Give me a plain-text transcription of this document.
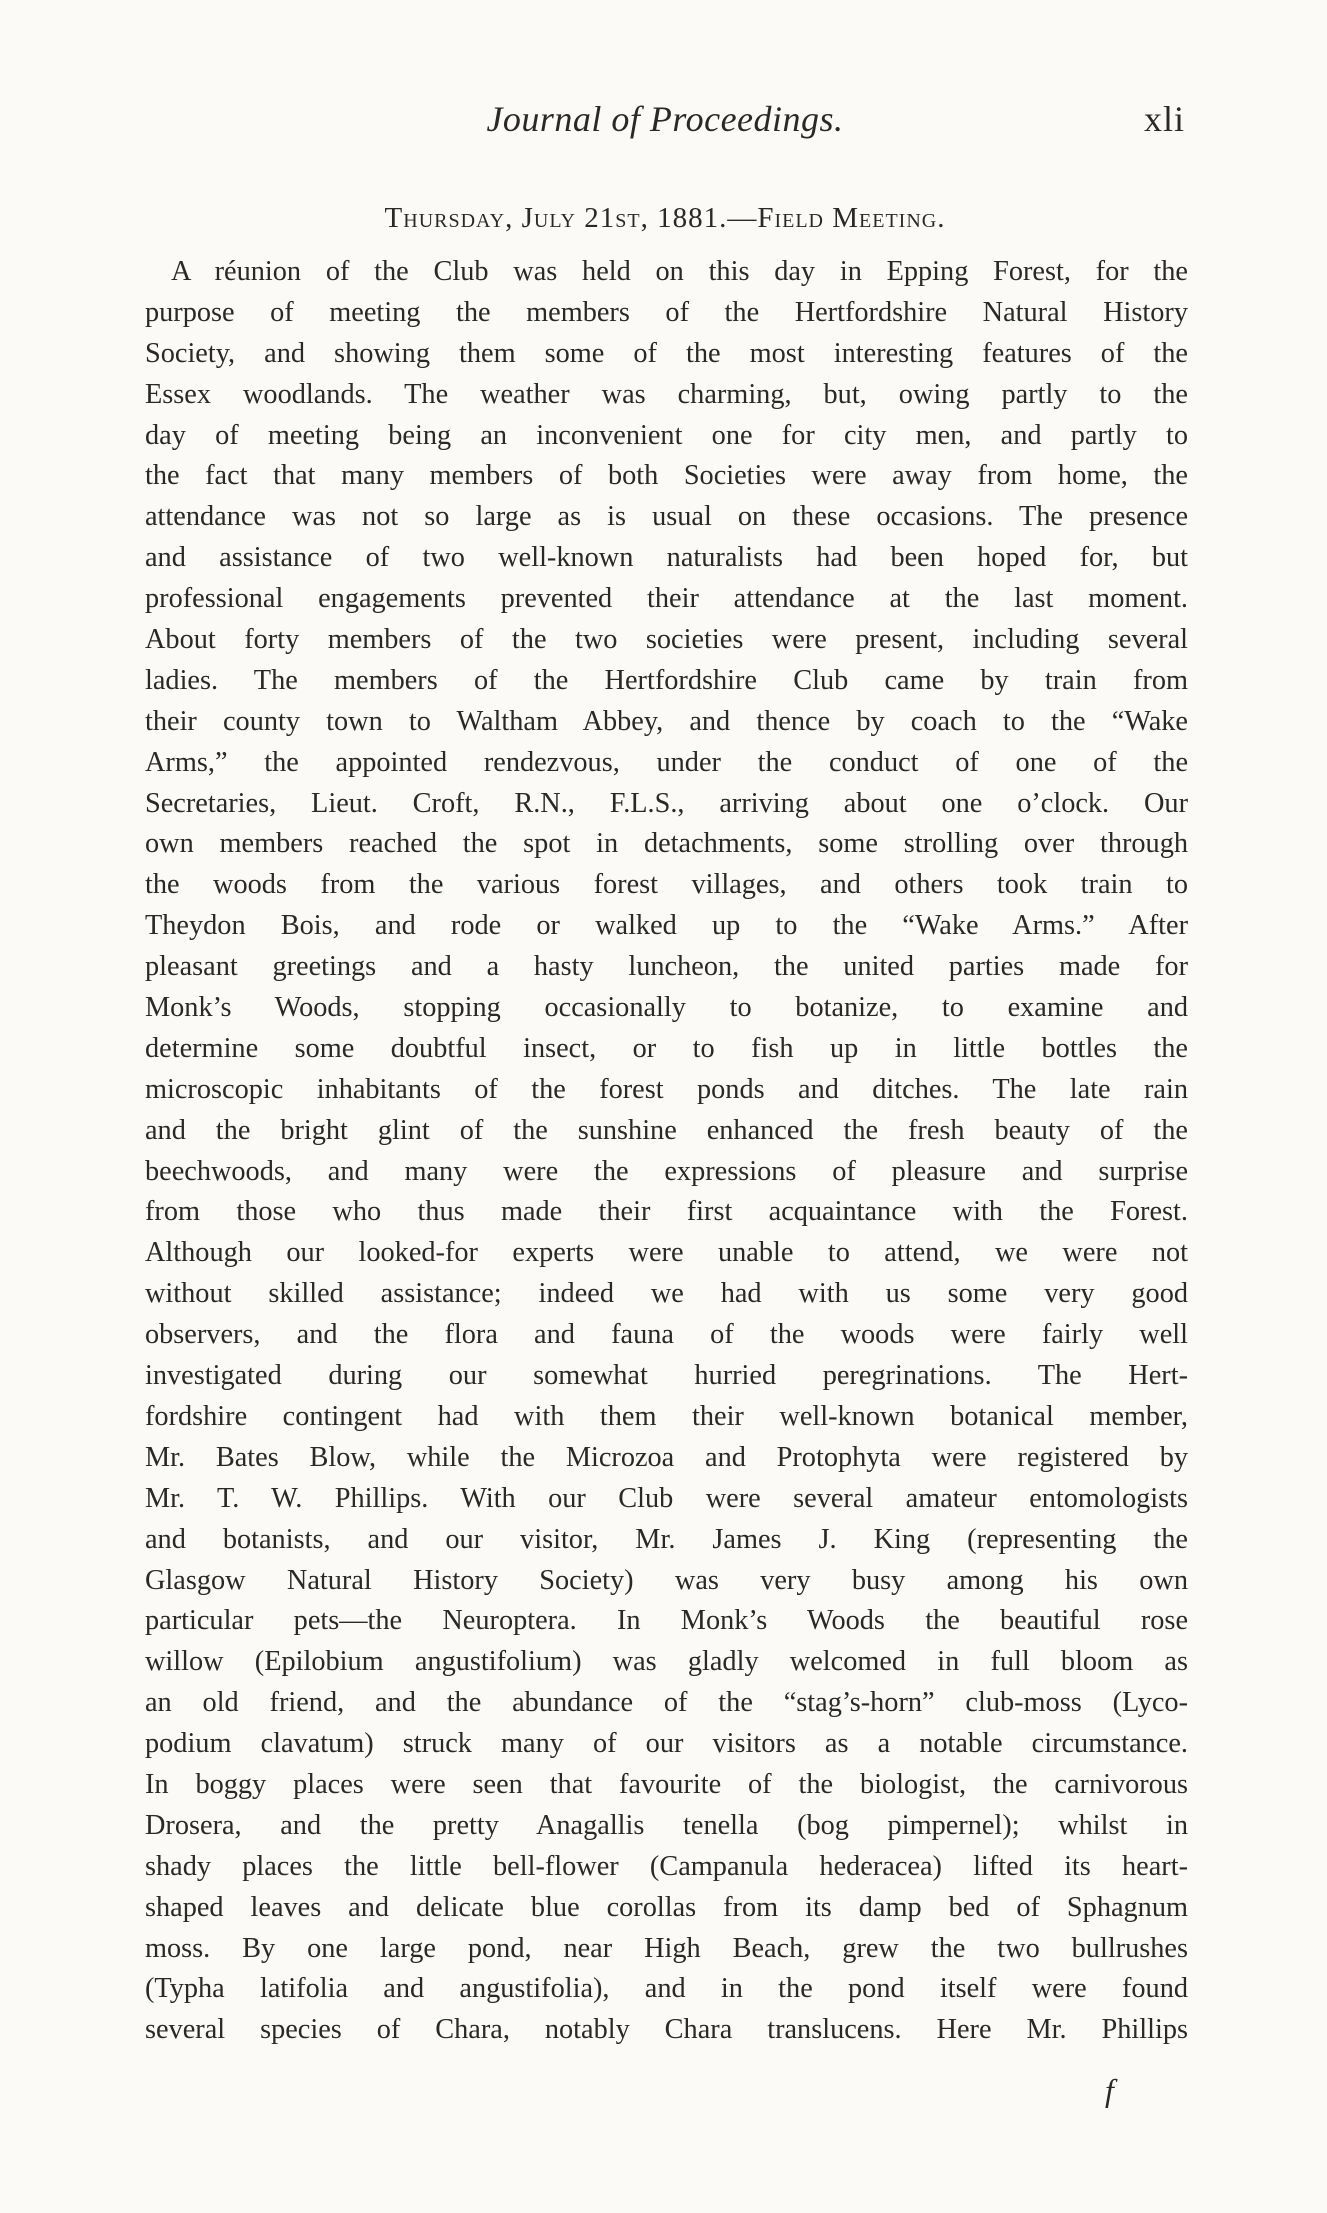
Journal of Proceedings.	xli
Thursday, July 21st, 1881.—Field Meeting.
A réunion of the Club was held on this day in Epping Forest, for the
purpose of meeting the members of the Hertfordshire Natural History
Society, and showing them some of the most interesting features of the
Essex woodlands. The weather was charming, but, owing partly to the
day of meeting being an inconvenient one for city men, and partly to
the fact that many members of both Societies were away from home, the
attendance was not so large as is usual on these occasions. The presence
and assistance of two well-known naturalists had been hoped for, but
professional engagements prevented their attendance at the last moment.
About forty members of the two societies were present, including several
ladies. The members of the Hertfordshire Club came by train from
their county town to Waltham Abbey, and thence by coach to the “Wake
Arms,” the appointed rendezvous, under the conduct of one of the
Secretaries, Lieut. Croft, R.N., F.L.S., arriving about one o’clock. Our
own members reached the spot in detachments, some strolling over through
the woods from the various forest villages, and others took train to
Theydon Bois, and rode or walked up to the “Wake Arms.” After
pleasant greetings and a hasty luncheon, the united parties made for
Monk’s Woods, stopping occasionally to botanize, to examine and
determine some doubtful insect, or to fish up in little bottles the
microscopic inhabitants of the forest ponds and ditches. The late rain
and the bright glint of the sunshine enhanced the fresh beauty of the
beechwoods, and many were the expressions of pleasure and surprise
from those who thus made their first acquaintance with the Forest.
Although our looked-for experts were unable to attend, we were not
without skilled assistance; indeed we had with us some very good
observers, and the flora and fauna of the woods were fairly well
investigated during our somewhat hurried peregrinations. The Hert-
fordshire contingent had with them their well-known botanical member,
Mr. Bates Blow, while the Microzoa and Protophyta were registered by
Mr. T. W. Phillips. With our Club were several amateur entomologists
and botanists, and our visitor, Mr. James J. King (representing the
Glasgow Natural History Society) was very busy among his own
particular pets—the Neuroptera. In Monk’s Woods the beautiful rose
willow (Epilobium angustifolium) was gladly welcomed in full bloom as
an old friend, and the abundance of the “stag’s-horn” club-moss (Lyco-
podium clavatum) struck many of our visitors as a notable circumstance.
In boggy places were seen that favourite of the biologist, the carnivorous
Drosera, and the pretty Anagallis tenella (bog pimpernel); whilst in
shady places the little bell-flower (Campanula hederacea) lifted its heart-
shaped leaves and delicate blue corollas from its damp bed of Sphagnum
moss. By one large pond, near High Beach, grew the two bullrushes
(Typha latifolia and angustifolia), and in the pond itself were found
several species of Chara, notably Chara translucens. Here Mr. Phillips
f
